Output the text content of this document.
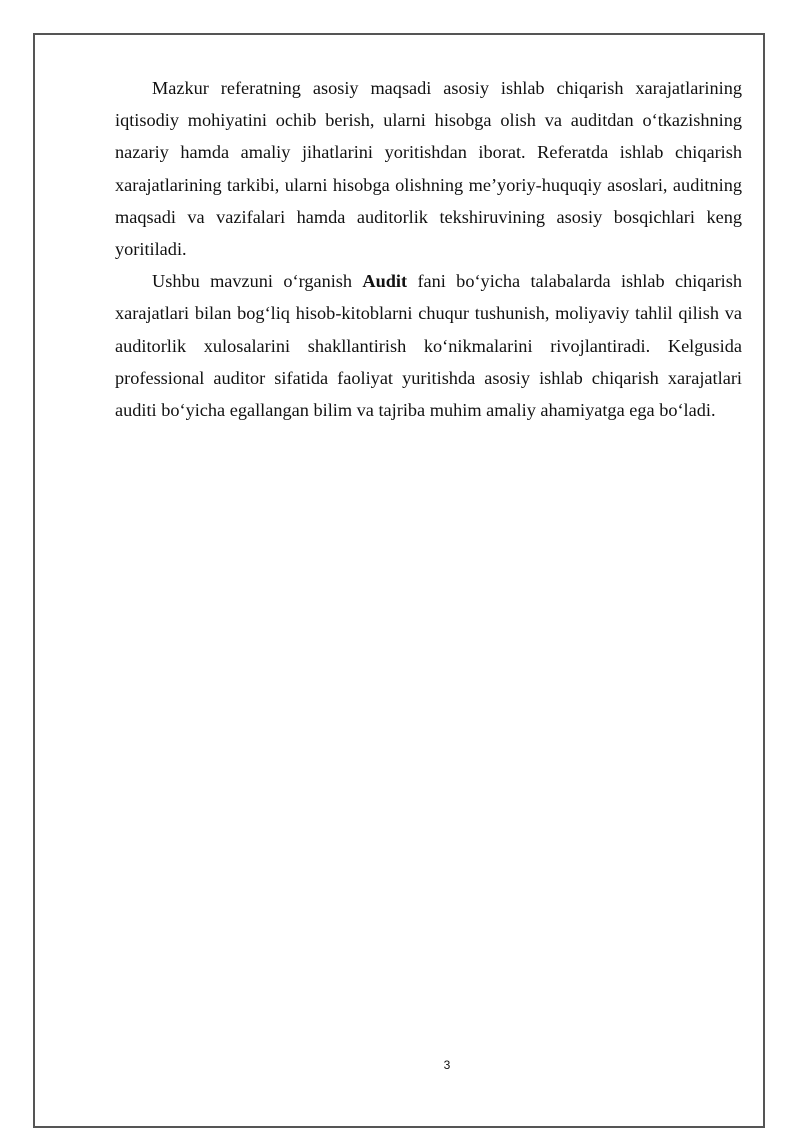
Mazkur referatning asosiy maqsadi asosiy ishlab chiqarish xarajatlarining iqtisodiy mohiyatini ochib berish, ularni hisobga olish va auditdan o‘tkazishning nazariy hamda amaliy jihatlarini yoritishdan iborat. Referatda ishlab chiqarish xarajatlarining tarkibi, ularni hisobga olishning me’yoriy-huquqiy asoslari, auditning maqsadi va vazifalari hamda auditorlik tekshiruvining asosiy bosqichlari keng yoritiladi.

Ushbu mavzuni o‘rganish Audit fani bo‘yicha talabalarda ishlab chiqarish xarajatlari bilan bog‘liq hisob-kitoblarni chuqur tushunish, moliyaviy tahlil qilish va auditorlik xulosalarini shakllantirish ko‘nikmalarini rivojlantiradi. Kelgusida professional auditor sifatida faoliyat yuritishda asosiy ishlab chiqarish xarajatlari auditi bo‘yicha egallangan bilim va tajriba muhim amaliy ahamiyatga ega bo‘ladi.

3
